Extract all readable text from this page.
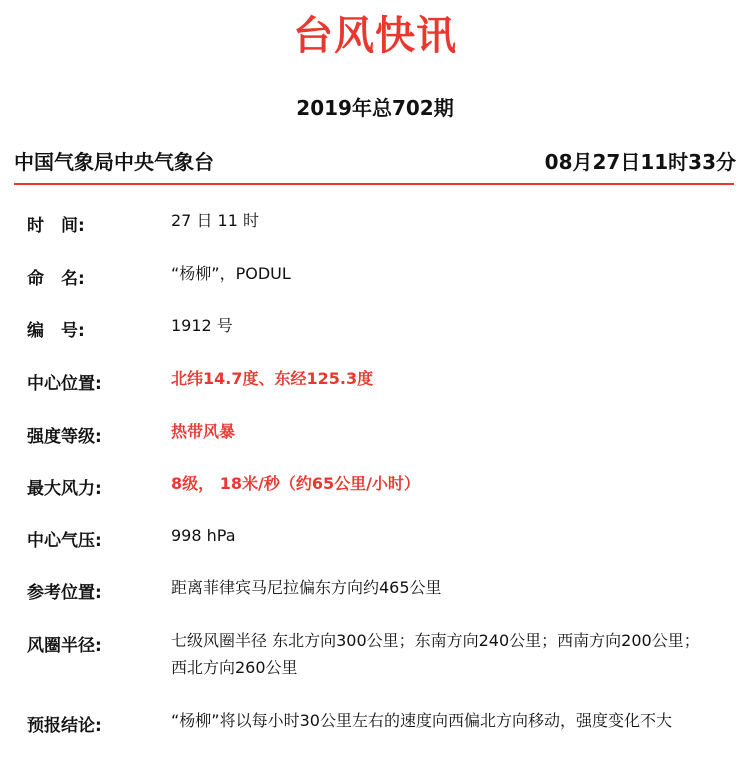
台风快讯
2019年总702期
中国气象局中央气象台	08月27日11时33分
时　间:	27 日 11 时
命　名:	“杨柳”，PODUL
编　号:	1912 号
中心位置:	北纬14.7度、东经125.3度
强度等级:	热带风暴
最大风力:	8级， 18米/秒（约65公里/小时）
中心气压:	998 hPa
参考位置:	距离菲律宾马尼拉偏东方向约465公里
风圈半径:	七级风圈半径 东北方向300公里；东南方向240公里；西南方向200公里；西北方向260公里
预报结论:	“杨柳”将以每小时30公里左右的速度向西偏北方向移动，强度变化不大
